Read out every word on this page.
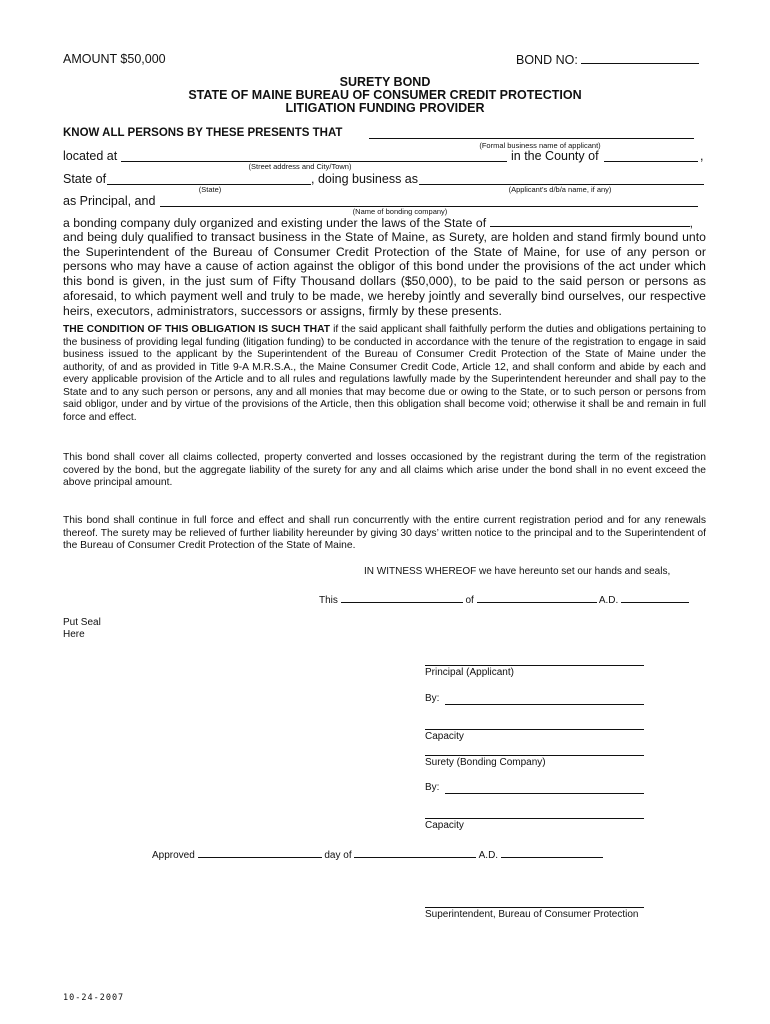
AMOUNT $50,000	BOND NO:
SURETY BOND
STATE OF MAINE BUREAU OF CONSUMER CREDIT PROTECTION
LITIGATION FUNDING PROVIDER
KNOW ALL PERSONS BY THESE PRESENTS THAT
(Formal business name of applicant)
located at	in the County of	,
(Street address and City/Town)
State of	, doing business as
(State)	(Applicant’s d/b/a name, if any)
as Principal, and
(Name of bonding company)
a bonding company duly organized and existing under the laws of the State of	,
and being duly qualified to transact business in the State of Maine, as Surety, are holden and stand firmly bound unto the Superintendent of the Bureau of Consumer Credit Protection of the State of Maine, for use of any person or persons who may have a cause of action against the obligor of this bond under the provisions of the act under which this bond is given, in the just sum of Fifty Thousand dollars ($50,000), to be paid to the said person or persons as aforesaid, to which payment well and truly to be made, we hereby jointly and severally bind ourselves, our respective heirs, executors, administrators, successors or assigns, firmly by these presents.
THE CONDITION OF THIS OBLIGATION IS SUCH THAT if the said applicant shall faithfully perform the duties and obligations pertaining to the business of providing legal funding (litigation funding) to be conducted in accordance with the tenure of the registration to engage in said business issued to the applicant by the Superintendent of the Bureau of Consumer Credit Protection of the State of Maine under the authority, of and as provided in Title 9-A M.R.S.A., the Maine Consumer Credit Code, Article 12, and shall conform and abide by each and every applicable provision of the Article and to all rules and regulations lawfully made by the Superintendent hereunder and shall pay to the State and to any such person or persons, any and all monies that may become due or owing to the State, or to such person or persons from said obligor, under and by virtue of the provisions of the Article, then this obligation shall become void; otherwise it shall be and remain in full force and effect.
This bond shall cover all claims collected, property converted and losses occasioned by the registrant during the term of the registration covered by the bond, but the aggregate liability of the surety for any and all claims which arise under the bond shall in no event exceed the above principal amount.
This bond shall continue in full force and effect and shall run concurrently with the entire current registration period and for any renewals thereof. The surety may be relieved of further liability hereunder by giving 30 days’ written notice to the principal and to the Superintendent of the Bureau of Consumer Credit Protection of the State of Maine.
IN WITNESS WHEREOF we have hereunto set our hands and seals,
This	of	A.D.
Put Seal
Here
Principal (Applicant)
By:
Capacity
Surety (Bonding Company)
By:
Capacity
Approved	day of	A.D.
Superintendent, Bureau of Consumer Protection
10-24-2007
